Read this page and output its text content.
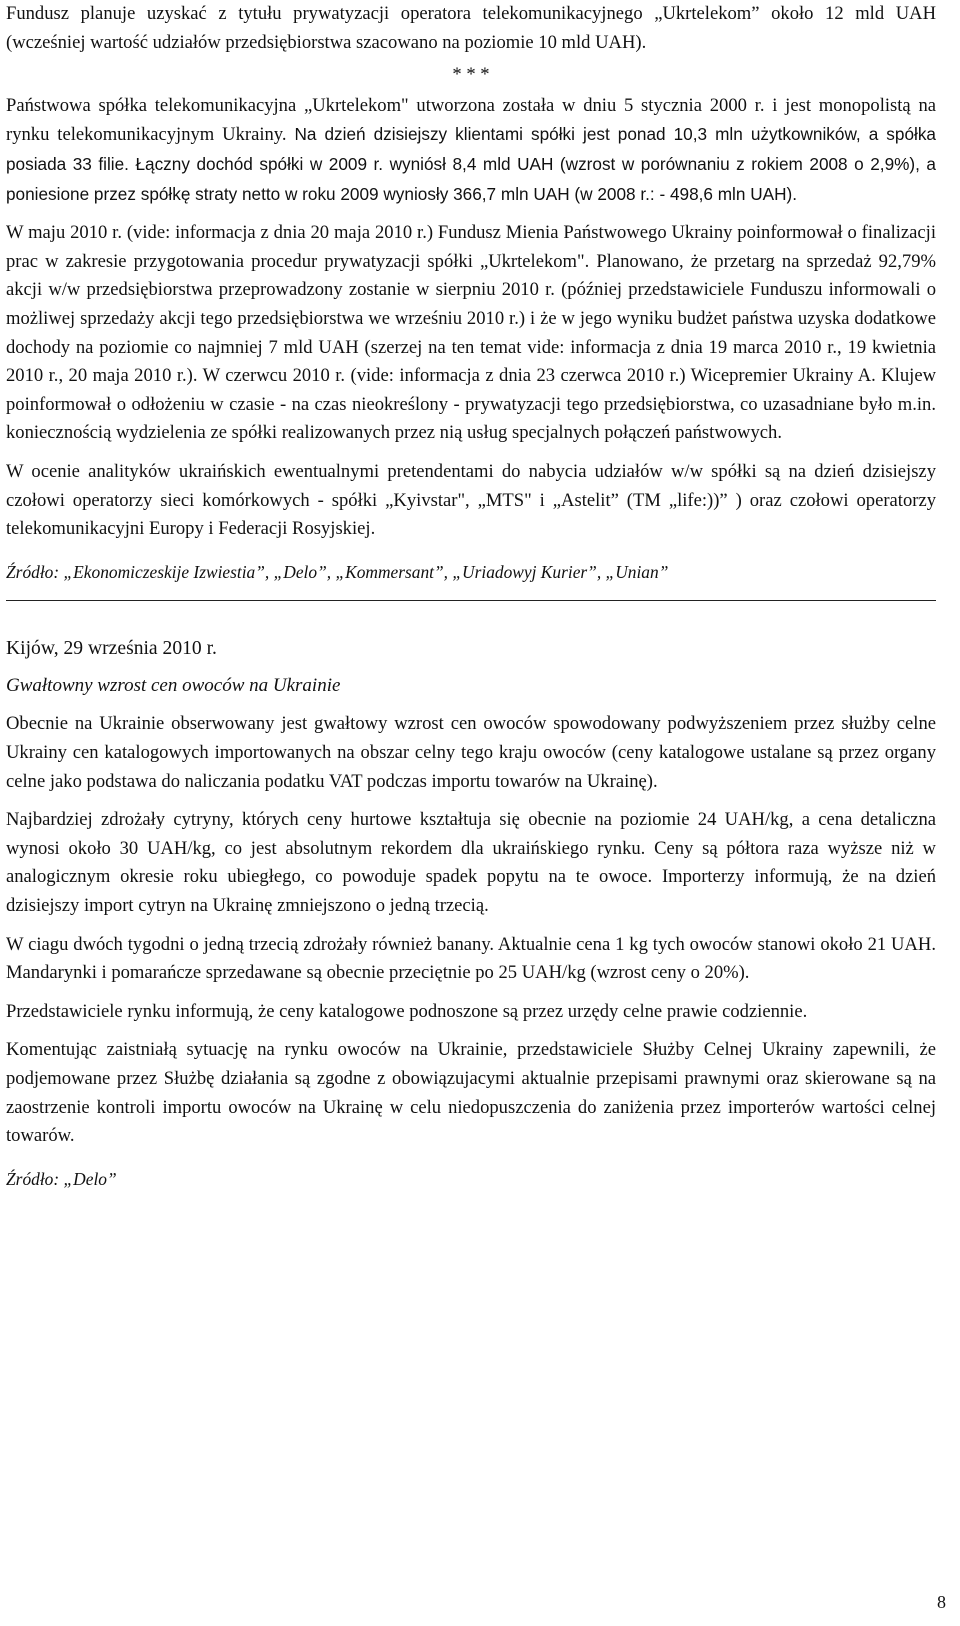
Fundusz planuje uzyskać z tytułu prywatyzacji operatora telekomunikacyjnego „Ukrtelekom” około 12 mld UAH (wcześniej wartość udziałów przedsiębiorstwa szacowano na poziomie 10 mld UAH).

* * *

Państwowa spółka telekomunikacyjna „Ukrtelekom" utworzona została w dniu 5 stycznia 2000 r. i jest monopolistą na rynku telekomunikacyjnym Ukrainy. Na dzień dzisiejszy klientami spółki jest ponad 10,3 mln użytkowników, a spółka posiada 33 filie. Łączny dochód spółki w 2009 r. wyniósł 8,4 mld UAH (wzrost w porównaniu z rokiem 2008 o 2,9%), a poniesione przez spółkę straty netto w roku 2009 wyniosły 366,7 mln UAH (w 2008 r.: - 498,6 mln UAH).

W maju 2010 r. (vide: informacja z dnia 20 maja 2010 r.) Fundusz Mienia Państwowego Ukrainy poinformował o finalizacji prac w zakresie przygotowania procedur prywatyzacji spółki „Ukrtelekom". Planowano, że przetarg na sprzedaż 92,79% akcji w/w przedsiębiorstwa przeprowadzony zostanie w sierpniu 2010 r. (później przedstawiciele Funduszu informowali o możliwej sprzedaży akcji tego przedsiębiorstwa we wrześniu 2010 r.) i że w jego wyniku budżet państwa uzyska dodatkowe dochody na poziomie co najmniej 7 mld UAH (szerzej na ten temat vide: informacja z dnia 19 marca 2010 r., 19 kwietnia 2010 r., 20 maja 2010 r.). W czerwcu 2010 r. (vide: informacja z dnia 23 czerwca 2010 r.) Wicepremier Ukrainy A. Klujew poinformował o odłożeniu w czasie - na czas nieokreślony - prywatyzacji tego przedsiębiorstwa, co uzasadniane było m.in. koniecznością wydzielenia ze spółki realizowanych przez nią usług specjalnych połączeń państwowych.

W ocenie analityków ukraińskich ewentualnymi pretendentami do nabycia udziałów w/w spółki są na dzień dzisiejszy czołowi operatorzy sieci komórkowych - spółki „Kyivstar", „MTS" i „Astelit” (TM „life:))” ) oraz czołowi operatorzy telekomunikacyjni Europy i Federacji Rosyjskiej.

Źródło: „Ekonomiczeskije Izwiestia”, „Delo”, „Kommersant”, „Uriadowyj Kurier”, „Unian”

Kijów, 29 września 2010 r.

Gwałtowny wzrost cen owoców na Ukrainie

Obecnie na Ukrainie obserwowany jest gwałtowy wzrost cen owoców spowodowany podwyższeniem przez służby celne Ukrainy cen katalogowych importowanych na obszar celny tego kraju owoców (ceny katalogowe ustalane są przez organy celne jako podstawa do naliczania podatku VAT podczas importu towarów na Ukrainę).

Najbardziej zdrożały cytryny, których ceny hurtowe kształtuja się obecnie na poziomie 24 UAH/kg, a cena detaliczna wynosi około 30 UAH/kg, co jest absolutnym rekordem dla ukraińskiego rynku. Ceny są półtora raza wyższe niż w analogicznym okresie roku ubiegłego, co powoduje spadek popytu na te owoce. Importerzy informują, że na dzień dzisiejszy import cytryn na Ukrainę zmniejszono o jedną trzecią.

W ciagu dwóch tygodni o jedną trzecią zdrożały również banany. Aktualnie cena 1 kg tych owoców stanowi około 21 UAH. Mandarynki i pomarańcze sprzedawane są obecnie przeciętnie po 25 UAH/kg (wzrost ceny o 20%).

Przedstawiciele rynku informują, że ceny katalogowe podnoszone są przez urzędy celne prawie codziennie.

Komentując zaistniałą sytuację na rynku owoców na Ukrainie, przedstawiciele Służby Celnej Ukrainy zapewnili, że podjemowane przez Służbę działania są zgodne z obowiązujacymi aktualnie przepisami prawnymi oraz skierowane są na zaostrzenie kontroli importu owoców na Ukrainę w celu niedopuszczenia do zaniżenia przez importerów wartości celnej towarów.

Źródło: „Delo”

8
